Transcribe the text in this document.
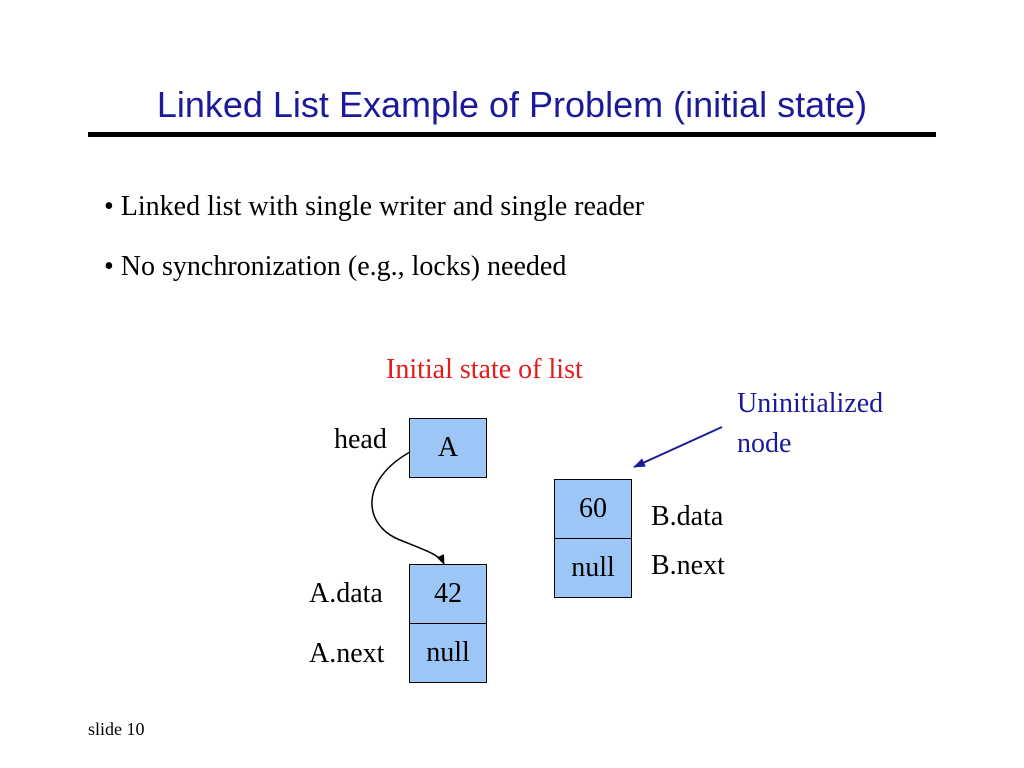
Linked List Example of Problem (initial state)
• Linked list with single writer and single reader
• No synchronization (e.g., locks) needed
Initial state of list
Uninitialized
node
head	A
A.data
A.next
42
null
60
null
B.data
B.next
slide 10
